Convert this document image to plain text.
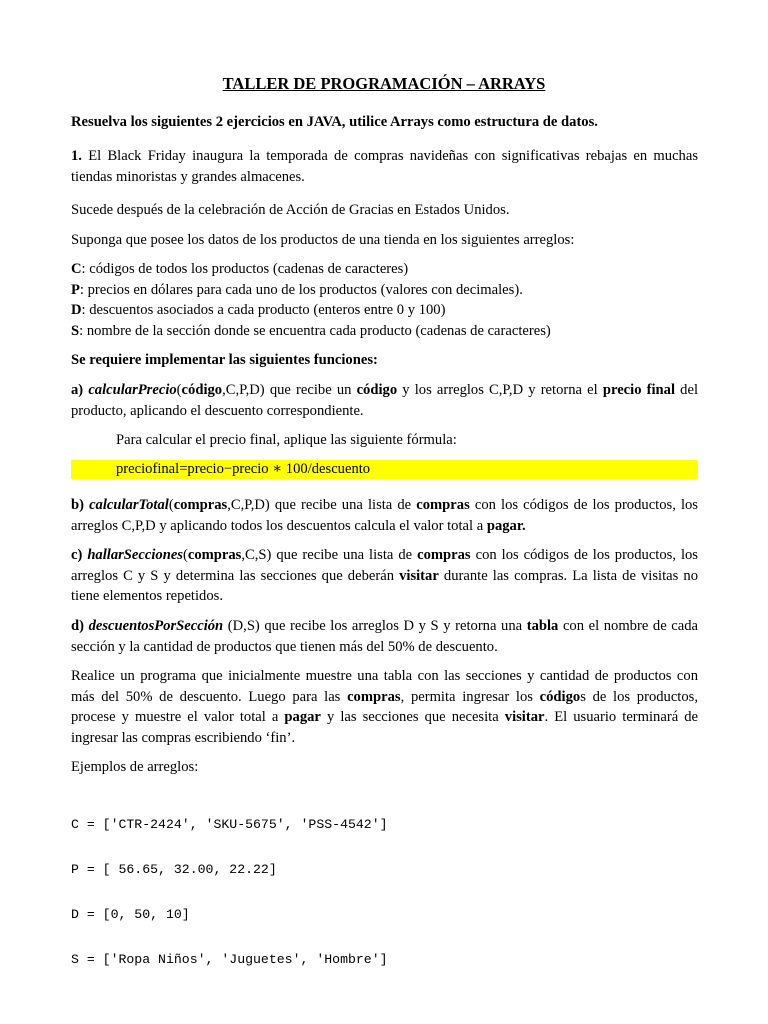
TALLER DE PROGRAMACIÓN – ARRAYS

Resuelva los siguientes 2 ejercicios en JAVA, utilice Arrays como estructura de datos.

1. El Black Friday inaugura la temporada de compras navideñas con significativas rebajas en muchas tiendas minoristas y grandes almacenes.

Sucede después de la celebración de Acción de Gracias en Estados Unidos.

Suponga que posee los datos de los productos de una tienda en los siguientes arreglos:

C: códigos de todos los productos (cadenas de caracteres)
P: precios en dólares para cada uno de los productos (valores con decimales).
D: descuentos asociados a cada producto (enteros entre 0 y 100)
S: nombre de la sección donde se encuentra cada producto (cadenas de caracteres)

Se requiere implementar las siguientes funciones:

a) calcularPrecio(código,C,P,D) que recibe un código y los arreglos C,P,D y retorna el precio final del producto, aplicando el descuento correspondiente.

Para calcular el precio final, aplique las siguiente fórmula:

preciofinal=precio−precio ∗ 100/descuento

b) calcularTotal(compras,C,P,D) que recibe una lista de compras con los códigos de los productos, los arreglos C,P,D y aplicando todos los descuentos calcula el valor total a pagar.

c) hallarSecciones(compras,C,S) que recibe una lista de compras con los códigos de los productos, los arreglos C y S y determina las secciones que deberán visitar durante las compras. La lista de visitas no tiene elementos repetidos.

d) descuentosPorSección (D,S) que recibe los arreglos D y S y retorna una tabla con el nombre de cada sección y la cantidad de productos que tienen más del 50% de descuento.

Realice un programa que inicialmente muestre una tabla con las secciones y cantidad de productos con más del 50% de descuento. Luego para las compras, permita ingresar los códigos de los productos, procese y muestre el valor total a pagar y las secciones que necesita visitar. El usuario terminará de ingresar las compras escribiendo ‘fin’.

Ejemplos de arreglos:

C = ['CTR-2424', 'SKU-5675', 'PSS-4542']

P = [ 56.65, 32.00, 22.22]

D = [0, 50, 10]

S = ['Ropa Niños', 'Juguetes', 'Hombre']
